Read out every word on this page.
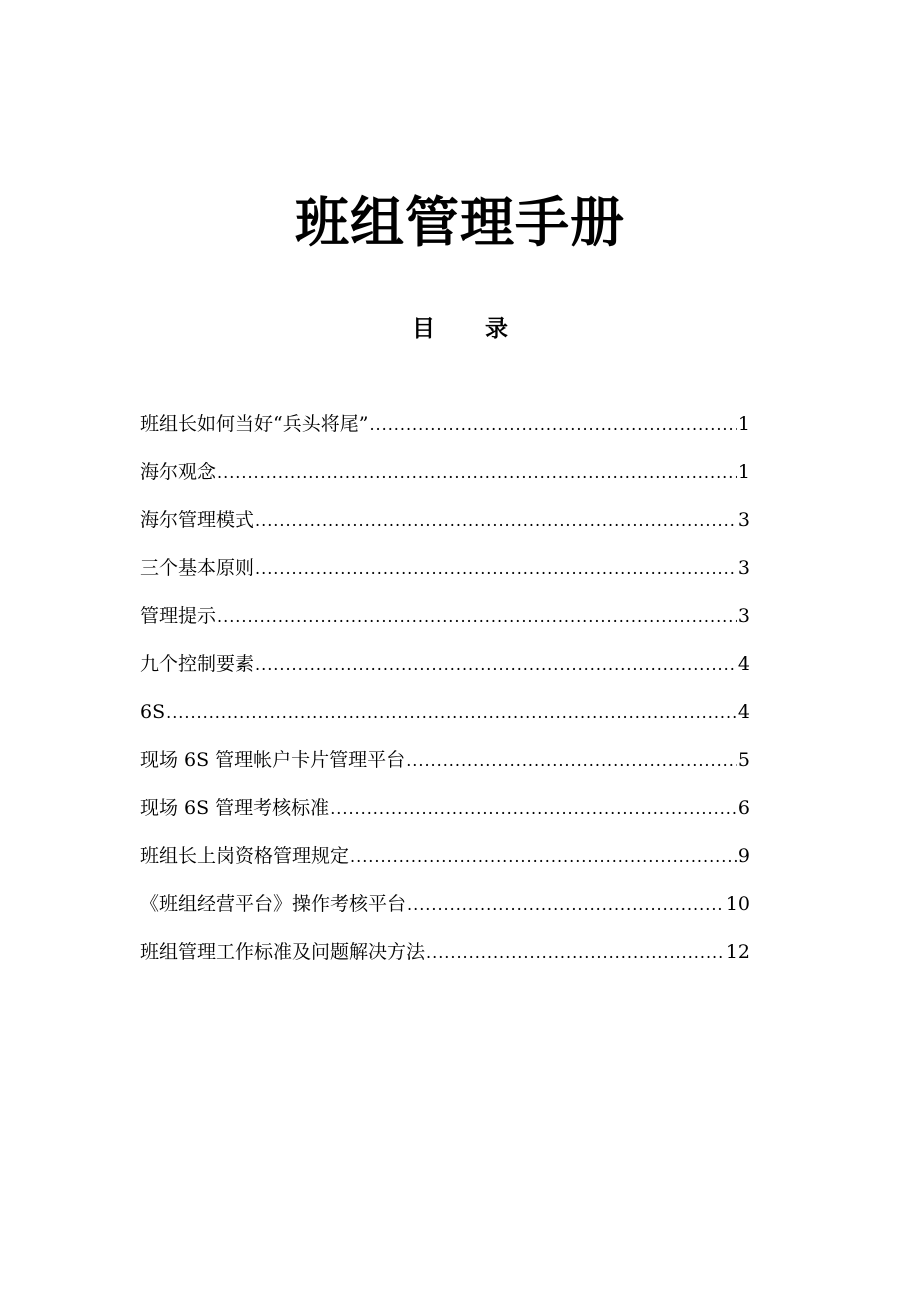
班组管理手册
目 录
班组长如何当好“兵头将尾” .....	1
海尔观念 .....	1
海尔管理模式 .....	3
三个基本原则 .....	3
管理提示 .....	3
九个控制要素 .....	4
6S .....	4
现场 6S 管理帐户卡片管理平台 .....	5
现场 6S 管理考核标准 .....	6
班组长上岗资格管理规定 .....	9
《班组经营平台》操作考核平台 .....	10
班组管理工作标准及问题解决方法 .....	12
